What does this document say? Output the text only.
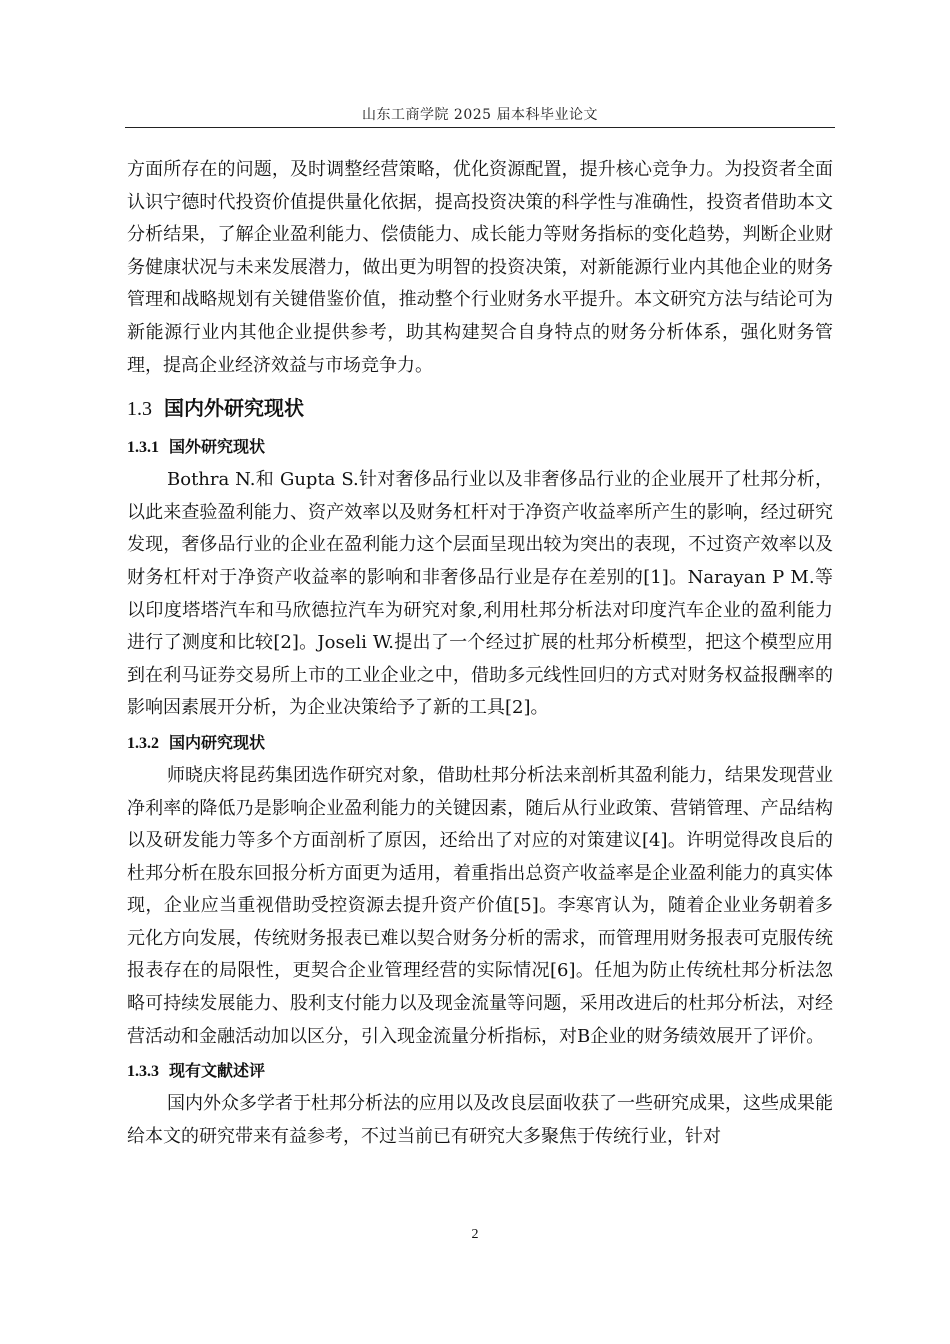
山东工商学院 2025 届本科毕业论文

方面所存在的问题，及时调整经营策略，优化资源配置，提升核心竞争力。为投资者全面认识宁德时代投资价值提供量化依据，提高投资决策的科学性与准确性，投资者借助本文分析结果，了解企业盈利能力、偿债能力、成长能力等财务指标的变化趋势，判断企业财务健康状况与未来发展潜力，做出更为明智的投资决策，对新能源行业内其他企业的财务管理和战略规划有关键借鉴价值，推动整个行业财务水平提升。本文研究方法与结论可为新能源行业内其他企业提供参考，助其构建契合自身特点的财务分析体系，强化财务管理，提高企业经济效益与市场竞争力。

1.3 国内外研究现状
1.3.1 国外研究现状

Bothra N.和 Gupta S.针对奢侈品行业以及非奢侈品行业的企业展开了杜邦分析，以此来查验盈利能力、资产效率以及财务杠杆对于净资产收益率所产生的影响，经过研究发现，奢侈品行业的企业在盈利能力这个层面呈现出较为突出的表现，不过资产效率以及财务杠杆对于净资产收益率的影响和非奢侈品行业是存在差别的[1]。Narayan P M.等以印度塔塔汽车和马欣德拉汽车为研究对象,利用杜邦分析法对印度汽车企业的盈利能力进行了测度和比较[2]。Joseli W.提出了一个经过扩展的杜邦分析模型，把这个模型应用到在利马证券交易所上市的工业企业之中，借助多元线性回归的方式对财务权益报酬率的影响因素展开分析，为企业决策给予了新的工具[2]。

1.3.2 国内研究现状

师晓庆将昆药集团选作研究对象，借助杜邦分析法来剖析其盈利能力，结果发现营业净利率的降低乃是影响企业盈利能力的关键因素，随后从行业政策、营销管理、产品结构以及研发能力等多个方面剖析了原因，还给出了对应的对策建议[4]。许明觉得改良后的杜邦分析在股东回报分析方面更为适用，着重指出总资产收益率是企业盈利能力的真实体现，企业应当重视借助受控资源去提升资产价值[5]。李寒宵认为，随着企业业务朝着多元化方向发展，传统财务报表已难以契合财务分析的需求，而管理用财务报表可克服传统报表存在的局限性，更契合企业管理经营的实际情况[6]。任旭为防止传统杜邦分析法忽略可持续发展能力、股利支付能力以及现金流量等问题，采用改进后的杜邦分析法，对经营活动和金融活动加以区分，引入现金流量分析指标，对B企业的财务绩效展开了评价。

1.3.3 现有文献述评

国内外众多学者于杜邦分析法的应用以及改良层面收获了一些研究成果，这些成果能给本文的研究带来有益参考，不过当前已有研究大多聚焦于传统行业，针对

2
